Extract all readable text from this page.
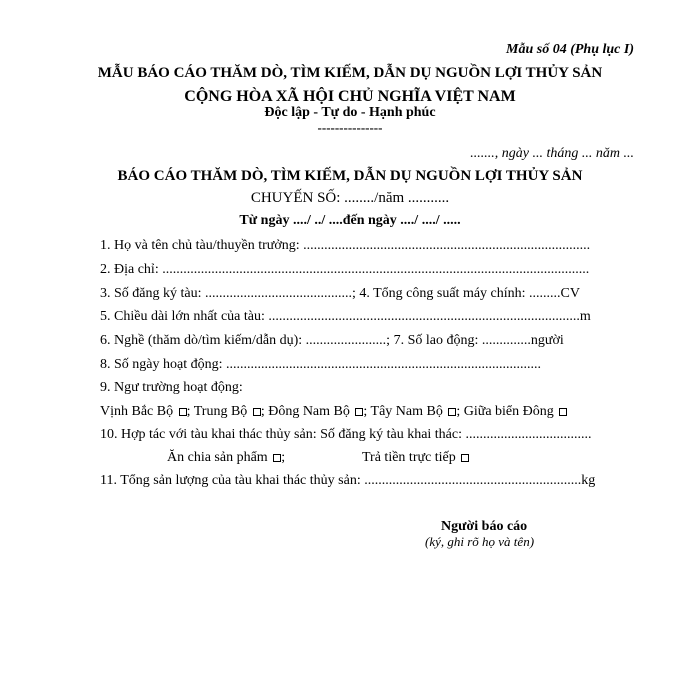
Mẫu số 04 (Phụ lục I)
MẪU BÁO CÁO THĂM DÒ, TÌM KIẾM, DẪN DỤ NGUỒN LỢI THỦY SẢN
CỘNG HÒA XÃ HỘI CHỦ NGHĨA VIỆT NAM
Độc lập - Tự do - Hạnh phúc
---------------
......., ngày ... tháng ... năm ...
BÁO CÁO THĂM DÒ, TÌM KIẾM, DẪN DỤ NGUỒN LỢI THỦY SẢN
CHUYẾN SỐ: ......../năm ...........
Từ ngày ..../ ../ ....đến ngày ..../ ..../ .....
1. Họ và tên chủ tàu/thuyền trưởng: ..................................................................................
2. Địa chỉ: ..........................................................................................................................
3. Số đăng ký tàu: ..........................................; 4. Tổng công suất máy chính: .........CV
5. Chiều dài lớn nhất của tàu: .........................................................................................m
6. Nghề (thăm dò/tìm kiếm/dẫn dụ): .......................; 7. Số lao động: ..............người
8. Số ngày hoạt động: ..........................................................................................
9. Ngư trường hoạt động:
Vịnh Bắc Bộ ; Trung Bộ ; Đông Nam Bộ ; Tây Nam Bộ ; Giữa biển Đông
10. Hợp tác với tàu khai thác thủy sản: Số đăng ký tàu khai thác: ....................................
Ăn chia sản phẩm ;	Trả tiền trực tiếp
11. Tổng sản lượng của tàu khai thác thủy sản: ..............................................................kg
Người báo cáo
(ký, ghi rõ họ và tên)
